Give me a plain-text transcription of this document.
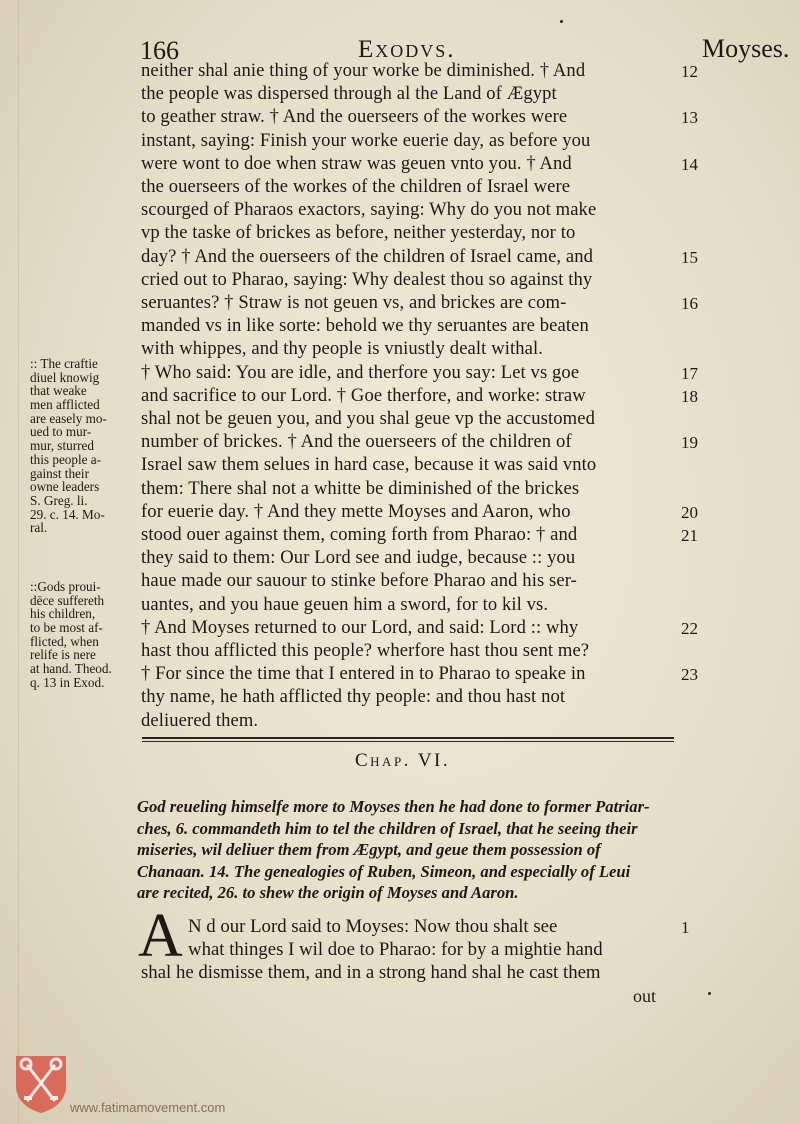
166	Exodvs.	Moyses.
neither shal anie thing of your worke be diminished. † And	12
the people was dispersed through al the Land of Ægypt
to geather straw. † And the ouerseers of the workes were	13
instant, saying: Finish your worke euerie day, as before you
were wont to doe when straw was geuen vnto you. † And	14
the ouerseers of the workes of the children of Israel were
scourged of Pharaos exactors, saying: Why do you not make
vp the taske of brickes as before, neither yesterday, nor to
day? † And the ouerseers of the children of Israel came, and	15
cried out to Pharao, saying: Why dealest thou so against thy
seruantes? † Straw is not geuen vs, and brickes are com-	16
manded vs in like sorte: behold we thy seruantes are beaten
with whippes, and thy people is vniustly dealt withal.
† Who said: You are idle, and therfore you say: Let vs goe	17
and sacrifice to our Lord. † Goe therfore, and worke: straw	18
shal not be geuen you, and you shal geue vp the accustomed
number of brickes. † And the ouerseers of the children of	19
Israel saw them selues in hard case, because it was said vnto
them: There shal not a whitte be diminished of the brickes
for euerie day. † And they mette Moyses and Aaron, who	20
stood ouer against them, coming forth from Pharao: † and	21
they said to them: Our Lord see and iudge, because :: you
haue made our sauour to stinke before Pharao and his ser-
uantes, and you haue geuen him a sword, for to kil vs.
† And Moyses returned to our Lord, and said: Lord :: why	22
hast thou afflicted this people? wherfore hast thou sent me?
† For since the time that I entered in to Pharao to speake in	23
thy name, he hath afflicted thy people: and thou hast not
deliuered them.
:: The craftie
diuel knowig
that weake
men afflicted
are easely mo-
ued to mur-
mur, sturred
this people a-
gainst their
owne leaders
S. Greg. li.
29. c. 14. Mo-
ral.
::Gods proui-
dēce suffereth
his children,
to be most af-
flicted, when
relife is nere
at hand. Theod.
q. 13 in Exod.
Chap. VI.
God reueling himselfe more to Moyses then he had done to former Patriar-
ches, 6. commandeth him to tel the children of Israel, that he seeing their
miseries, wil deliuer them from Ægypt, and geue them possession of
Chanaan. 14. The genealogies of Ruben, Simeon, and especially of Leui
are recited, 26. to shew the origin of Moyses and Aaron.
A N d our Lord said to Moyses: Now thou shalt see	1
what thinges I wil doe to Pharao: for by a mightie hand
shal he dismisse them, and in a strong hand shal he cast them
out
www.fatimamovement.com
